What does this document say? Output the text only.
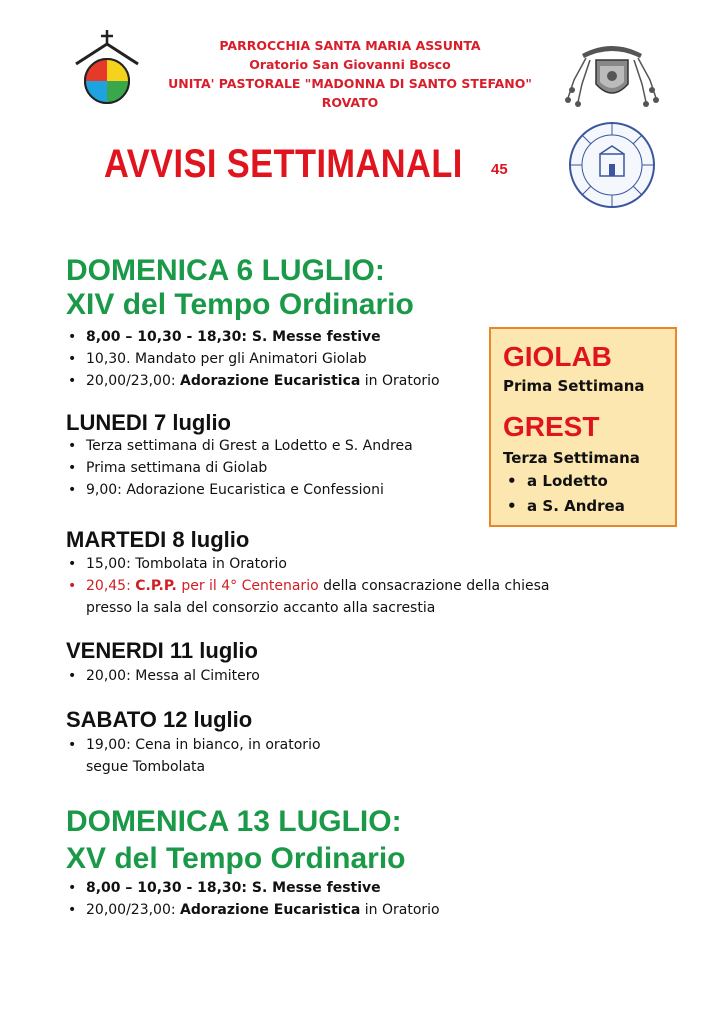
PARROCCHIA SANTA MARIA ASSUNTA
Oratorio San Giovanni Bosco
UNITA' PASTORALE "MADONNA DI SANTO STEFANO"
ROVATO
AVVISI SETTIMANALI 45
DOMENICA 6 LUGLIO:
XIV del Tempo Ordinario
• 8,00 – 10,30 - 18,30: S. Messe festive
• 10,30. Mandato per gli Animatori Giolab
• 20,00/23,00: Adorazione Eucaristica in Oratorio
LUNEDI 7 luglio
• Terza settimana di Grest a Lodetto e S. Andrea
• Prima settimana di Giolab
• 9,00: Adorazione Eucaristica e Confessioni
MARTEDI 8 luglio
• 15,00: Tombolata in Oratorio
• 20,45: C.P.P. per il 4° Centenario della consacrazione della chiesa
presso la sala del consorzio accanto alla sacrestia
VENERDI 11 luglio
• 20,00: Messa al Cimitero
SABATO 12 luglio
• 19,00: Cena in bianco, in oratorio
segue Tombolata
DOMENICA 13 LUGLIO:
XV del Tempo Ordinario
• 8,00 – 10,30 - 18,30: S. Messe festive
• 20,00/23,00: Adorazione Eucaristica in Oratorio
GIOLAB
Prima Settimana
GREST
Terza Settimana
•  a Lodetto
•  a S. Andrea
